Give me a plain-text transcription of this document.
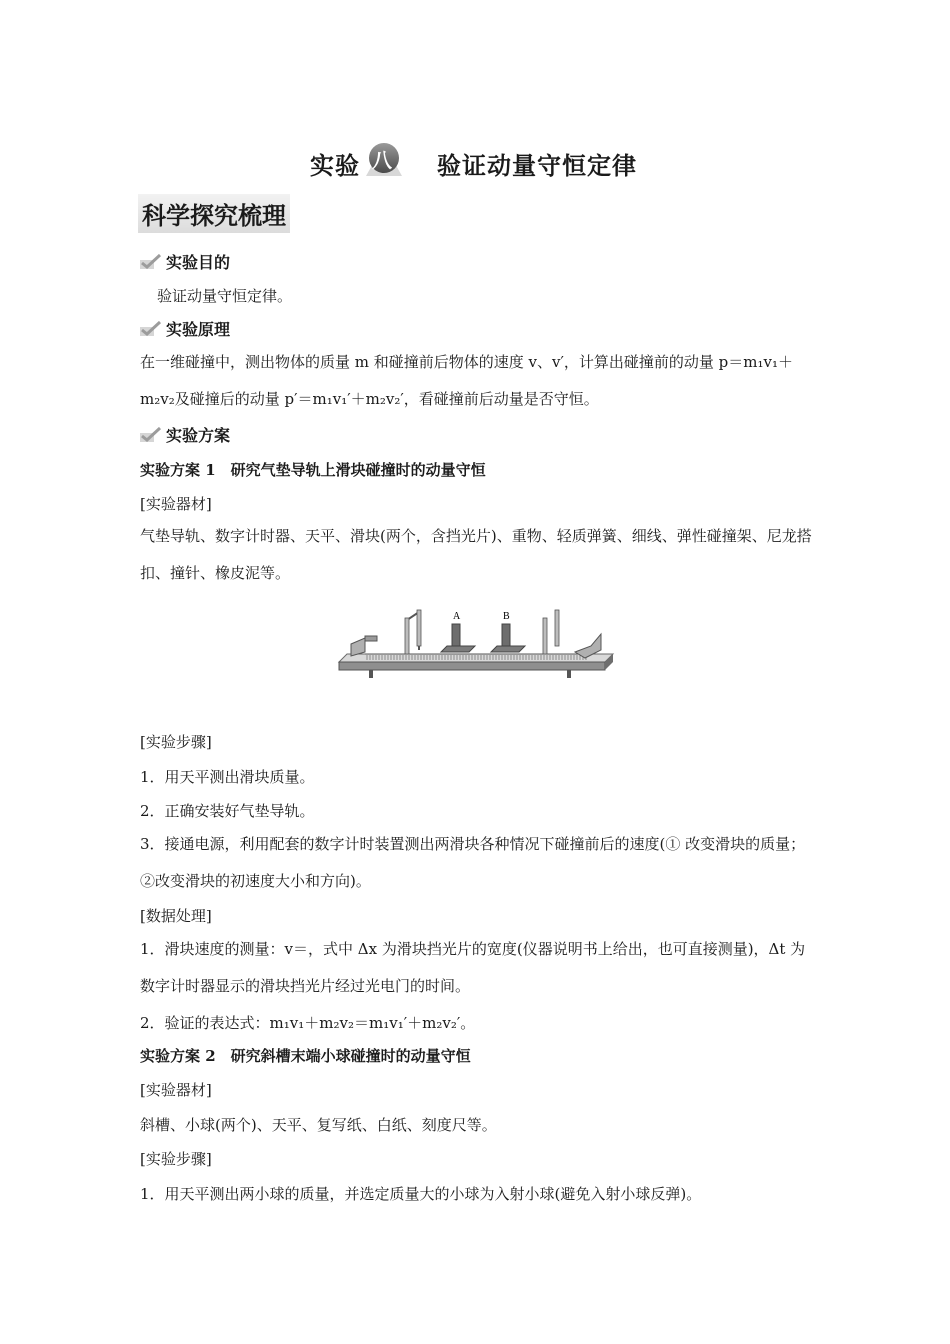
实验 八 验证动量守恒定律
科学探究梳理
实验目的
验证动量守恒定律。
实验原理
在一维碰撞中，测出物体的质量 m 和碰撞前后物体的速度 v、v′，计算出碰撞前的动量 p＝m₁v₁＋m₂v₂及碰撞后的动量 p′＝m₁v₁′＋m₂v₂′，看碰撞前后动量是否守恒。
实验方案
实验方案 1　研究气垫导轨上滑块碰撞时的动量守恒
[实验器材]
气垫导轨、数字计时器、天平、滑块(两个，含挡光片)、重物、轻质弹簧、细线、弹性碰撞架、尼龙搭扣、撞针、橡皮泥等。
A	B
[实验步骤]
1．用天平测出滑块质量。
2．正确安装好气垫导轨。
3．接通电源，利用配套的数字计时装置测出两滑块各种情况下碰撞前后的速度(① 改变滑块的质量；②改变滑块的初速度大小和方向)。
[数据处理]
1．滑块速度的测量：v＝，式中 Δx 为滑块挡光片的宽度(仪器说明书上给出，也可直接测量)，Δt 为数字计时器显示的滑块挡光片经过光电门的时间。
2．验证的表达式：m₁v₁＋m₂v₂＝m₁v₁′＋m₂v₂′。
实验方案 2　研究斜槽末端小球碰撞时的动量守恒
[实验器材]
斜槽、小球(两个)、天平、复写纸、白纸、刻度尺等。
[实验步骤]
1．用天平测出两小球的质量，并选定质量大的小球为入射小球(避免入射小球反弹)。
